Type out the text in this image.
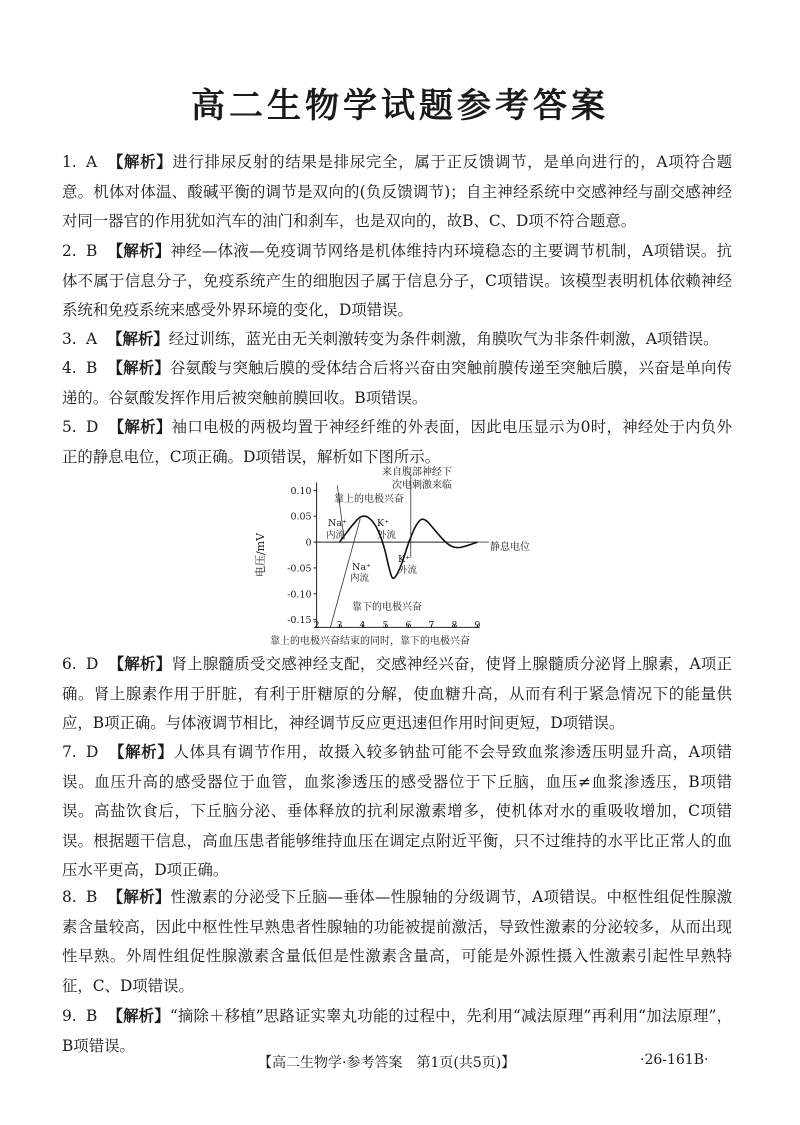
高二生物学试题参考答案
1. A 【解析】进行排尿反射的结果是排尿完全，属于正反馈调节，是单向进行的，A项符合题意。机体对体温、酸碱平衡的调节是双向的(负反馈调节)；自主神经系统中交感神经与副交感神经对同一器官的作用犹如汽车的油门和刹车，也是双向的，故B、C、D项不符合题意。
2. B 【解析】神经—体液—免疫调节网络是机体维持内环境稳态的主要调节机制，A项错误。抗体不属于信息分子，免疫系统产生的细胞因子属于信息分子，C项错误。该模型表明机体依赖神经系统和免疫系统来感受外界环境的变化，D项错误。
3. A 【解析】经过训练，蓝光由无关刺激转变为条件刺激，角膜吹气为非条件刺激，A项错误。
4. B 【解析】谷氨酸与突触后膜的受体结合后将兴奋由突触前膜传递至突触后膜，兴奋是单向传递的。谷氨酸发挥作用后被突触前膜回收。B项错误。
5. D 【解析】袖口电极的两极均置于神经纤维的外表面，因此电压显示为0时，神经处于内负外正的静息电位，C项正确。D项错误，解析如下图所示。
电压/mV
0.10
0.05
0
-0.05
-0.10
-0.15 2 3 4 5 6 7 8 9
来自腹部神经下
次电刺激来临
靠上的电极兴奋
Na⁺
内流
K⁺
外流
K⁺
外流
Na⁺
内流
静息电位
靠下的电极兴奋
靠上的电极兴奋结束的同时，靠下的电极兴奋
6. D 【解析】肾上腺髓质受交感神经支配，交感神经兴奋，使肾上腺髓质分泌肾上腺素，A项正确。肾上腺素作用于肝脏，有利于肝糖原的分解，使血糖升高，从而有利于紧急情况下的能量供应，B项正确。与体液调节相比，神经调节反应更迅速但作用时间更短，D项错误。
7. D 【解析】人体具有调节作用，故摄入较多钠盐可能不会导致血浆渗透压明显升高，A项错误。血压升高的感受器位于血管，血浆渗透压的感受器位于下丘脑，血压≠血浆渗透压，B项错误。高盐饮食后，下丘脑分泌、垂体释放的抗利尿激素增多，使机体对水的重吸收增加，C项错误。根据题干信息，高血压患者能够维持血压在调定点附近平衡，只不过维持的水平比正常人的血压水平更高，D项正确。
8. B 【解析】性激素的分泌受下丘脑—垂体—性腺轴的分级调节，A项错误。中枢性组促性腺激素含量较高，因此中枢性性早熟患者性腺轴的功能被提前激活，导致性激素的分泌较多，从而出现性早熟。外周性组促性腺激素含量低但是性激素含量高，可能是外源性摄入性激素引起性早熟特征，C、D项错误。
9. B 【解析】“摘除＋移植”思路证实睾丸功能的过程中，先利用“减法原理”再利用“加法原理”，B项错误。
【高二生物学·参考答案　第1页(共5页)】	·26-161B·
